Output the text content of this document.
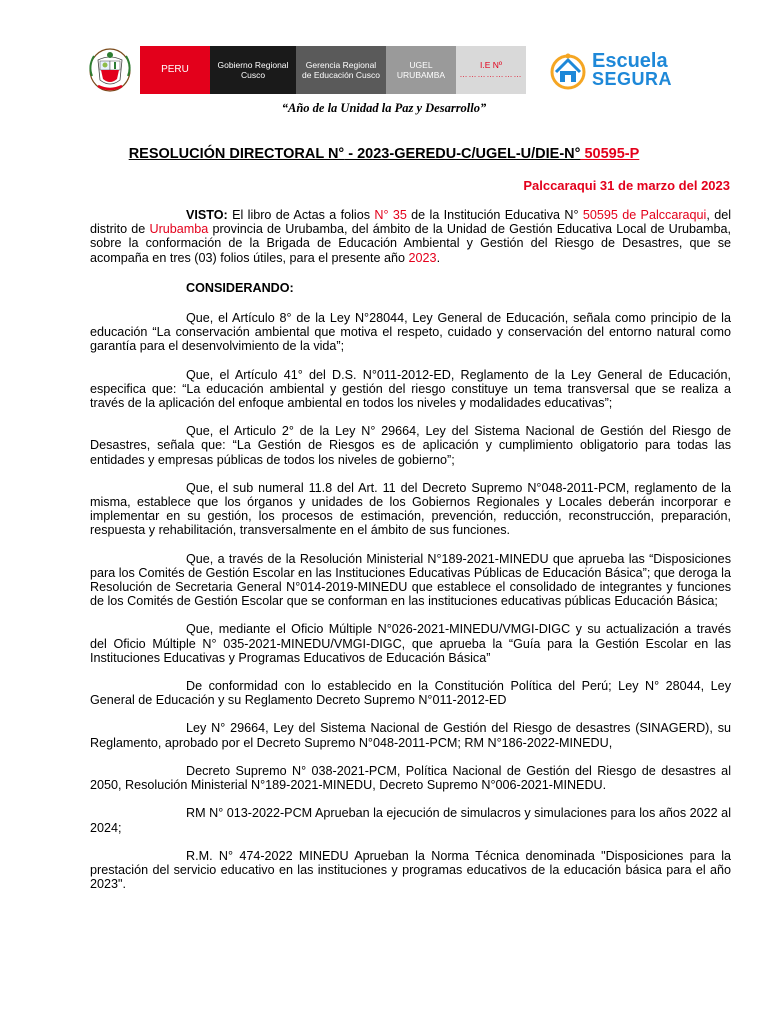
PERU	Gobierno Regional Cusco
Gerencia Regional de Educación Cusco
UGEL URUBAMBA
I.E Nº
…………………
Escuela
SEGURA
“Año de la Unidad la Paz y Desarrollo”
RESOLUCIÓN DIRECTORAL N° - 2023-GEREDU-C/UGEL-U/DIE-N° 50595-P
Palccaraqui 31 de marzo del 2023

VISTO: El libro de Actas a folios N° 35 de la Institución Educativa N° 50595 de Palccaraqui, del distrito de Urubamba provincia de Urubamba, del ámbito de la Unidad de Gestión Educativa Local de Urubamba, sobre la conformación de la Brigada de Educación Ambiental y Gestión del Riesgo de Desastres, que se acompaña en tres (03) folios útiles, para el presente año 2023.

CONSIDERANDO:

Que, el Artículo 8° de la Ley N°28044, Ley General de Educación, señala como principio de la educación “La conservación ambiental que motiva el respeto, cuidado y conservación del entorno natural como garantía para el desenvolvimiento de la vida”;

Que, el Artículo 41° del D.S. N°011-2012-ED, Reglamento de la Ley General de Educación, especifica que: “La educación ambiental y gestión del riesgo constituye un tema transversal que se realiza a través de la aplicación del enfoque ambiental en todos los niveles y modalidades educativas”;

Que, el Articulo 2° de la Ley N° 29664, Ley del Sistema Nacional de Gestión del Riesgo de Desastres, señala que: “La Gestión de Riesgos es de aplicación y cumplimiento obligatorio para todas las entidades y empresas públicas de todos los niveles de gobierno”;

Que, el sub numeral 11.8 del Art. 11 del Decreto Supremo N°048-2011-PCM, reglamento de la misma, establece que los órganos y unidades de los Gobiernos Regionales y Locales deberán incorporar e implementar en su gestión, los procesos de estimación, prevención, reducción, reconstrucción, preparación, respuesta y rehabilitación, transversalmente en el ámbito de sus funciones.

Que, a través de la Resolución Ministerial N°189-2021-MINEDU que aprueba las “Disposiciones para los Comités de Gestión Escolar en las Instituciones Educativas Públicas de Educación Básica”; que deroga la Resolución de Secretaria General N°014-2019-MINEDU que establece el consolidado de integrantes y funciones de los Comités de Gestión Escolar que se conforman en las instituciones educativas públicas Educación Básica;

Que, mediante el Oficio Múltiple N°026-2021-MINEDU/VMGI-DIGC y su actualización a través del Oficio Múltiple N° 035-2021-MINEDU/VMGI-DIGC, que aprueba la “Guía para la Gestión Escolar en las Instituciones Educativas y Programas Educativos de Educación Básica”

De conformidad con lo establecido en la Constitución Política del Perú; Ley N° 28044, Ley General de Educación y su Reglamento Decreto Supremo N°011-2012-ED

Ley N° 29664, Ley del Sistema Nacional de Gestión del Riesgo de desastres (SINAGERD), su Reglamento, aprobado por el Decreto Supremo N°048-2011-PCM; RM N°186-2022-MINEDU,

Decreto Supremo N° 038-2021-PCM, Política Nacional de Gestión del Riesgo de desastres al 2050, Resolución Ministerial N°189-2021-MINEDU, Decreto Supremo N°006-2021-MINEDU.

RM N° 013-2022-PCM Aprueban la ejecución de simulacros y simulaciones para los años 2022 al 2024;

R.M. N° 474-2022 MINEDU Aprueban la Norma Técnica denominada "Disposiciones para la prestación del servicio educativo en las instituciones y programas educativos de la educación básica para el año 2023".
